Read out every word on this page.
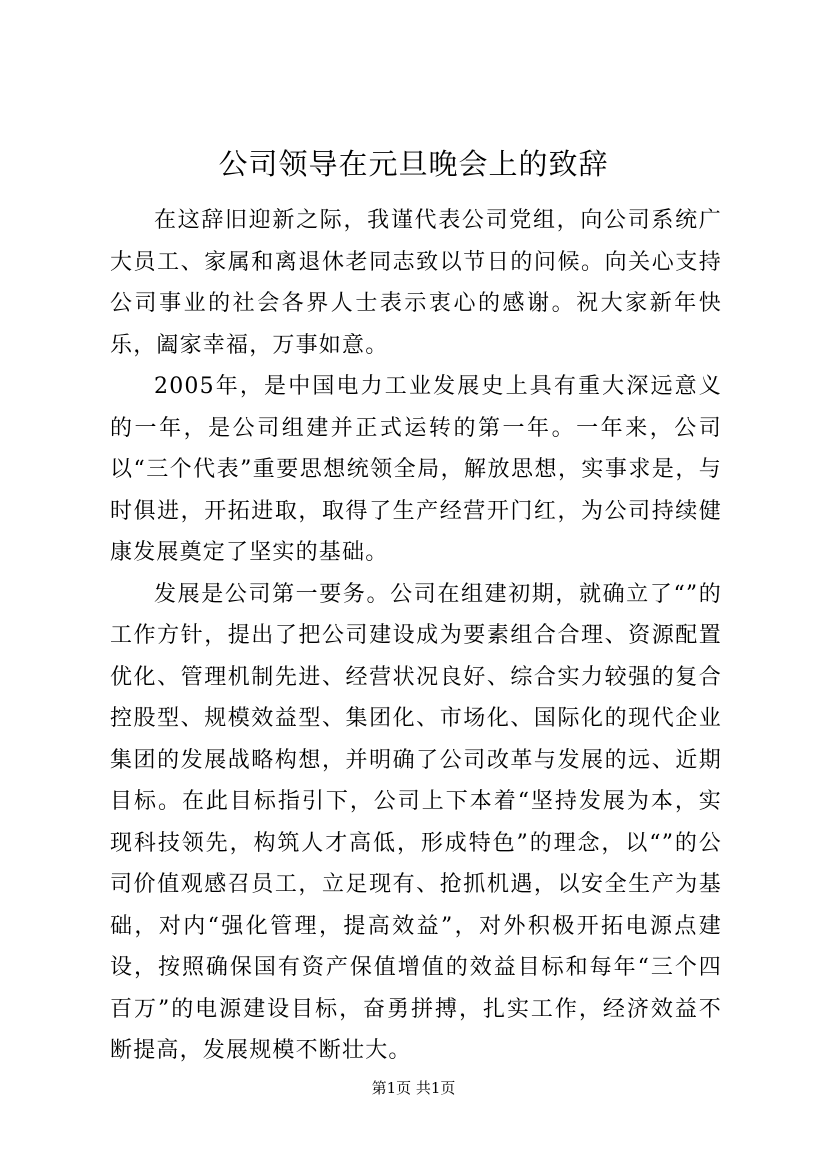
公司领导在元旦晚会上的致辞

在这辞旧迎新之际，我谨代表公司党组，向公司系统广大员工、家属和离退休老同志致以节日的问候。向关心支持公司事业的社会各界人士表示衷心的感谢。祝大家新年快乐，阖家幸福，万事如意。

2005年，是中国电力工业发展史上具有重大深远意义的一年，是公司组建并正式运转的第一年。一年来，公司以“三个代表”重要思想统领全局，解放思想，实事求是，与时俱进，开拓进取，取得了生产经营开门红，为公司持续健康发展奠定了坚实的基础。

发展是公司第一要务。公司在组建初期，就确立了“”的工作方针，提出了把公司建设成为要素组合合理、资源配置优化、管理机制先进、经营状况良好、综合实力较强的复合控股型、规模效益型、集团化、市场化、国际化的现代企业集团的发展战略构想，并明确了公司改革与发展的远、近期目标。在此目标指引下，公司上下本着“坚持发展为本，实现科技领先，构筑人才高低，形成特色”的理念，以“”的公司价值观感召员工，立足现有、抢抓机遇，以安全生产为基础，对内“强化管理，提高效益”，对外积极开拓电源点建设，按照确保国有资产保值增值的效益目标和每年“三个四百万”的电源建设目标，奋勇拼搏，扎实工作，经济效益不断提高，发展规模不断壮大。

第1页 共1页
